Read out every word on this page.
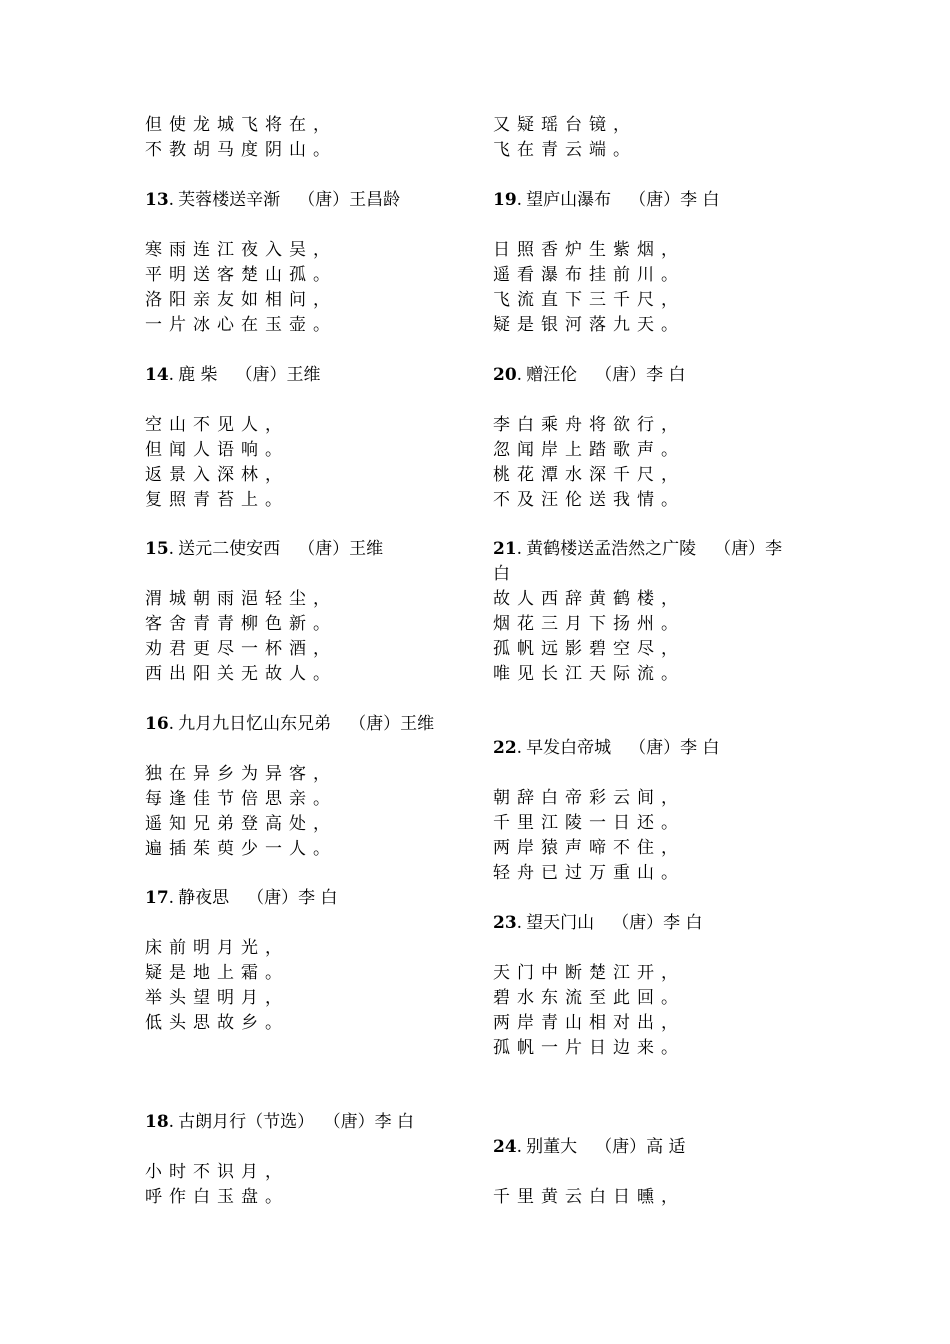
但使龙城飞将在，
不教胡马度阴山。
13. 芙蓉楼送辛渐 （唐）王昌龄
寒雨连江夜入吴，
平明送客楚山孤。
洛阳亲友如相问，
一片冰心在玉壶。
14. 鹿 柴 （唐）王维
空山不见人，
但闻人语响。
返景入深林，
复照青苔上。
15. 送元二使安西 （唐）王维
渭城朝雨浥轻尘，
客舍青青柳色新。
劝君更尽一杯酒，
西出阳关无故人。
16. 九月九日忆山东兄弟 （唐）王维
独在异乡为异客，
每逢佳节倍思亲。
遥知兄弟登高处，
遍插茱萸少一人。
17. 静夜思 （唐）李 白
床前明月光，
疑是地上霜。
举头望明月，
低头思故乡。
18. 古朗月行（节选） （唐）李 白
小时不识月，
呼作白玉盘。
又疑瑶台镜，
飞在青云端。
19. 望庐山瀑布 （唐）李 白
日照香炉生紫烟，
遥看瀑布挂前川。
飞流直下三千尺，
疑是银河落九天。
20. 赠汪伦 （唐）李 白
李白乘舟将欲行，
忽闻岸上踏歌声。
桃花潭水深千尺，
不及汪伦送我情。
21. 黄鹤楼送孟浩然之广陵 （唐）李 白
故人西辞黄鹤楼，
烟花三月下扬州。
孤帆远影碧空尽，
唯见长江天际流。
22. 早发白帝城 （唐）李 白
朝辞白帝彩云间，
千里江陵一日还。
两岸猿声啼不住，
轻舟已过万重山。
23. 望天门山 （唐）李 白
天门中断楚江开，
碧水东流至此回。
两岸青山相对出，
孤帆一片日边来。
24. 别董大 （唐）高 适
千里黄云白日曛，
